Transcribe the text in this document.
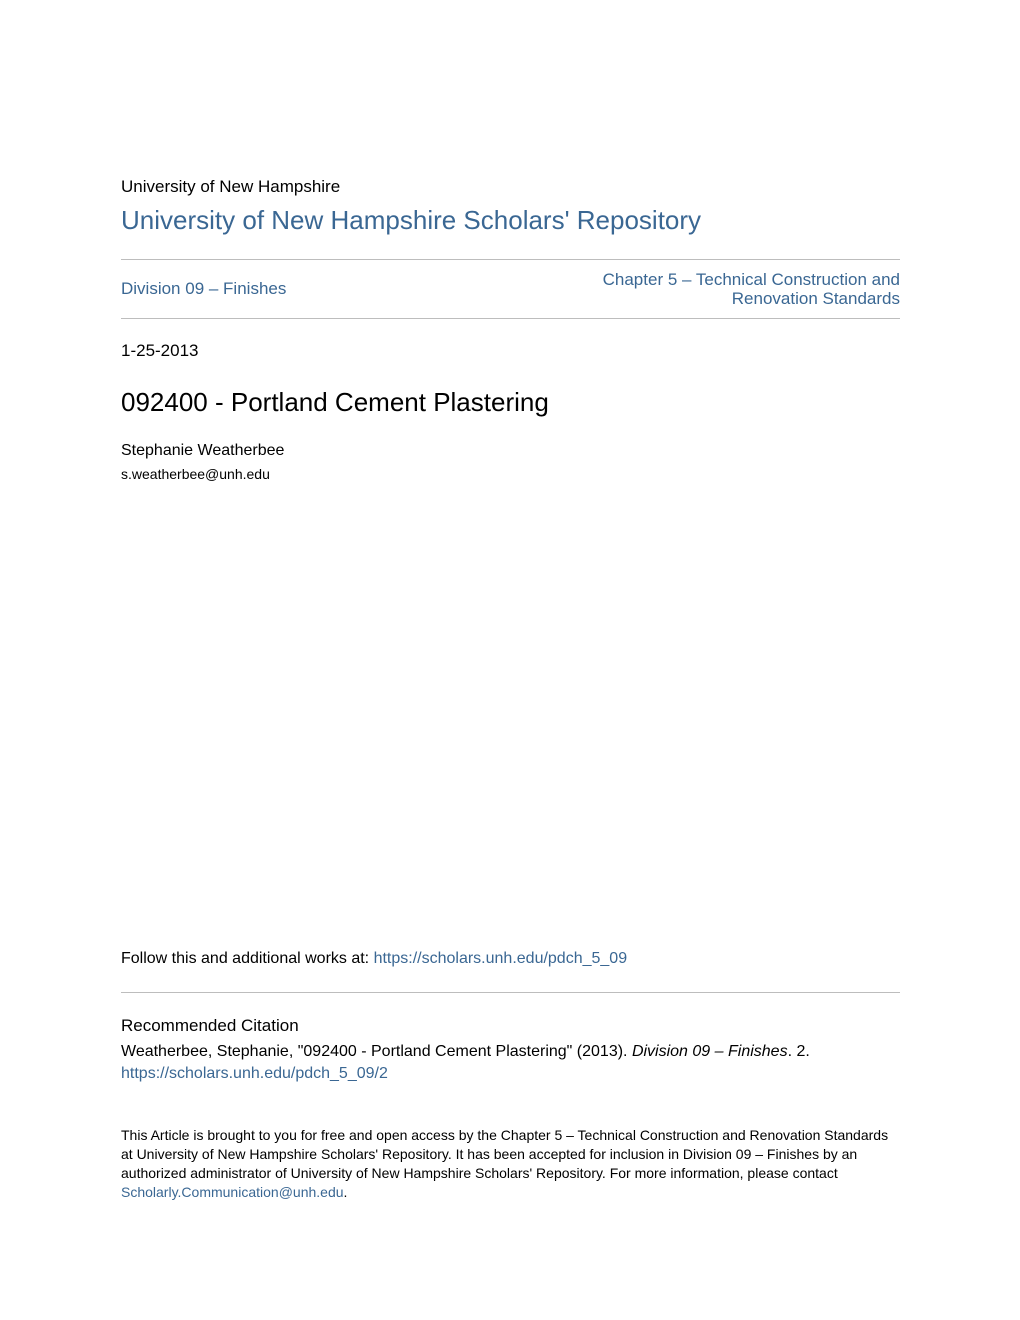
University of New Hampshire
University of New Hampshire Scholars' Repository
Division 09 – Finishes	Chapter 5 – Technical Construction and
Renovation Standards
1-25-2013
092400 - Portland Cement Plastering
Stephanie Weatherbee
s.weatherbee@unh.edu
Follow this and additional works at: https://scholars.unh.edu/pdch_5_09
Recommended Citation
Weatherbee, Stephanie, "092400 - Portland Cement Plastering" (2013). Division 09 – Finishes. 2.
https://scholars.unh.edu/pdch_5_09/2
This Article is brought to you for free and open access by the Chapter 5 – Technical Construction and Renovation Standards at University of New Hampshire Scholars' Repository. It has been accepted for inclusion in Division 09 – Finishes by an authorized administrator of University of New Hampshire Scholars' Repository. For more information, please contact Scholarly.Communication@unh.edu.
